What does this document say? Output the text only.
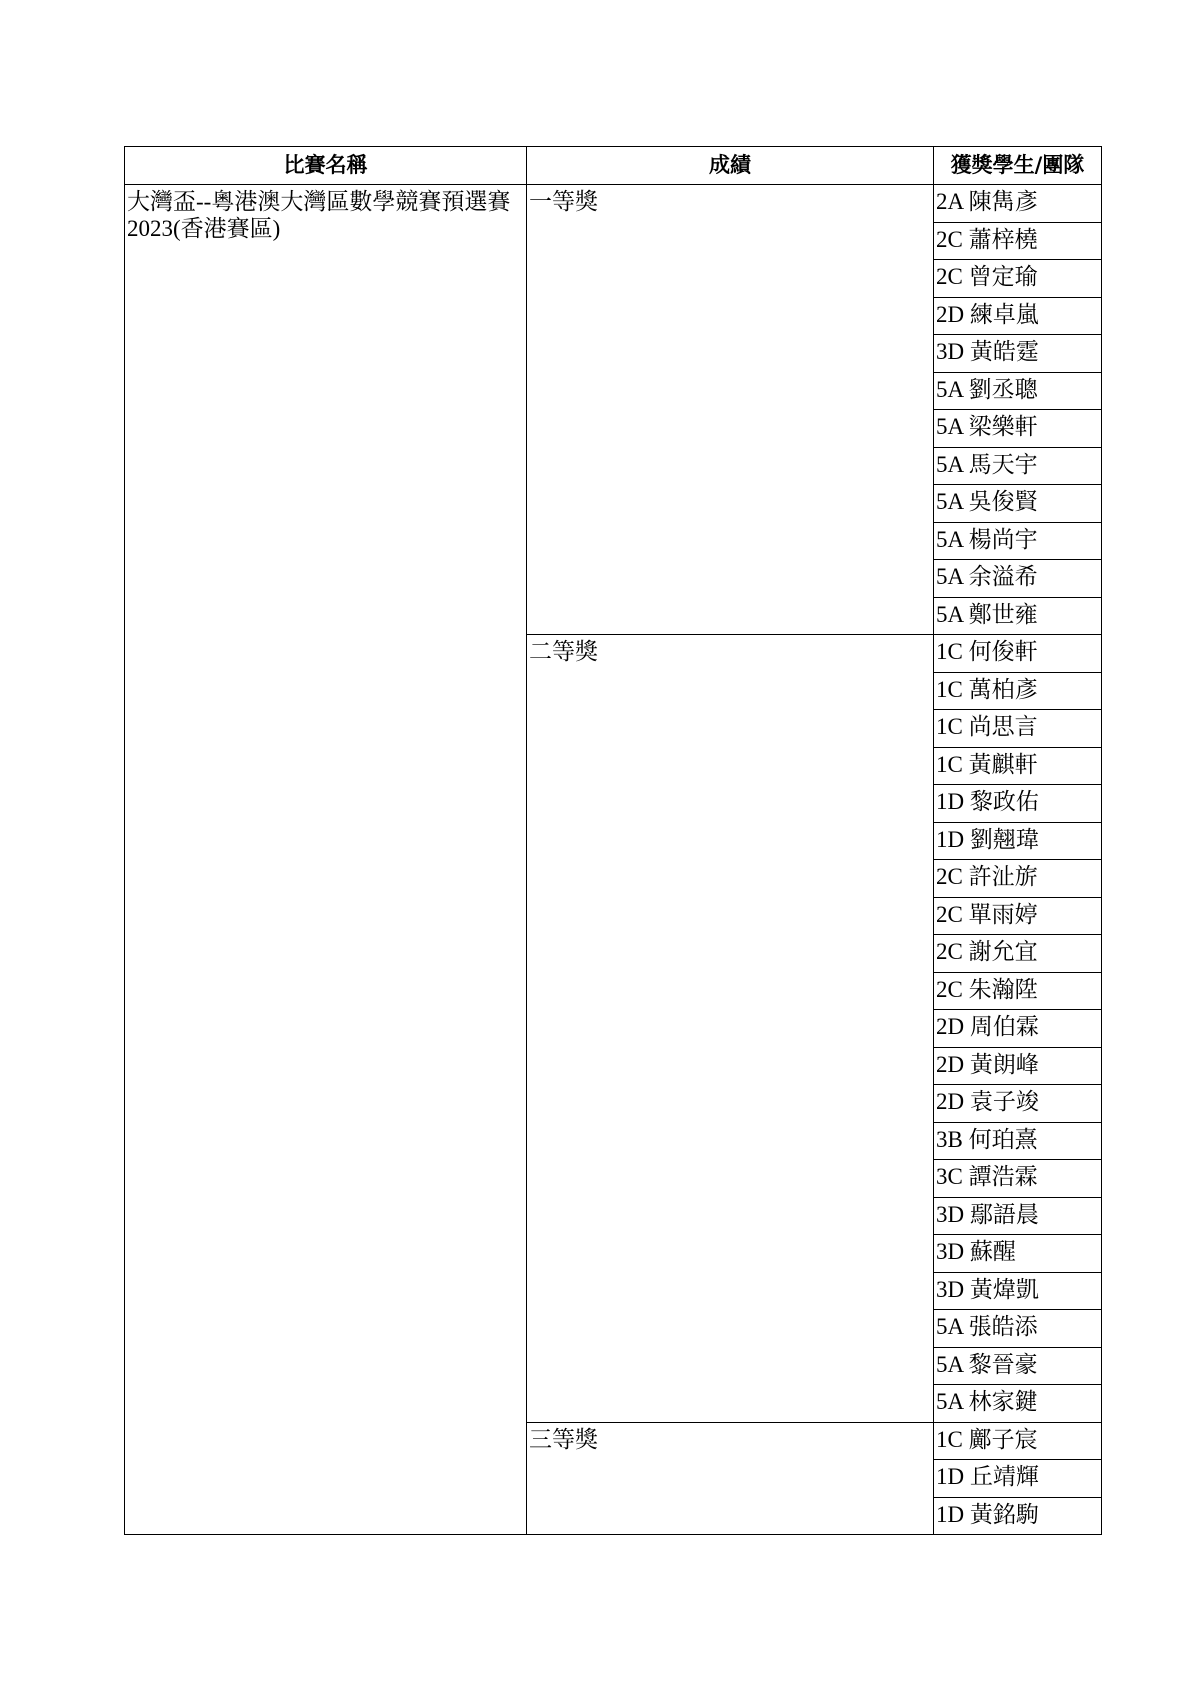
比賽名稱	成績	獲獎學生/團隊
大灣盃--粵港澳大灣區數學競賽預選賽 2023(香港賽區)	一等獎	2A 陳雋彥
		2C 蕭梓橈
		2C 曾定瑜
		2D 練卓嵐
		3D 黃皓霆
		5A 劉丞聰
		5A 梁樂軒
		5A 馬天宇
		5A 吳俊賢
		5A 楊尚宇
		5A 余溢希
		5A 鄭世雍
	二等獎	1C 何俊軒
		1C 萬柏彥
		1C 尚思言
		1C 黃麒軒
		1D 黎政佑
		1D 劉翹瑋
		2C 許沚旂
		2C 單雨婷
		2C 謝允宜
		2C 朱瀚陞
		2D 周伯霖
		2D 黃朗峰
		2D 袁子竣
		3B 何珀熹
		3C 譚浩霖
		3D 鄢語晨
		3D 蘇醒
		3D 黃煒凱
		5A 張皓添
		5A 黎晉豪
		5A 林家鍵
	三等獎	1C 鄺子宸
		1D 丘靖輝
		1D 黃銘駒
